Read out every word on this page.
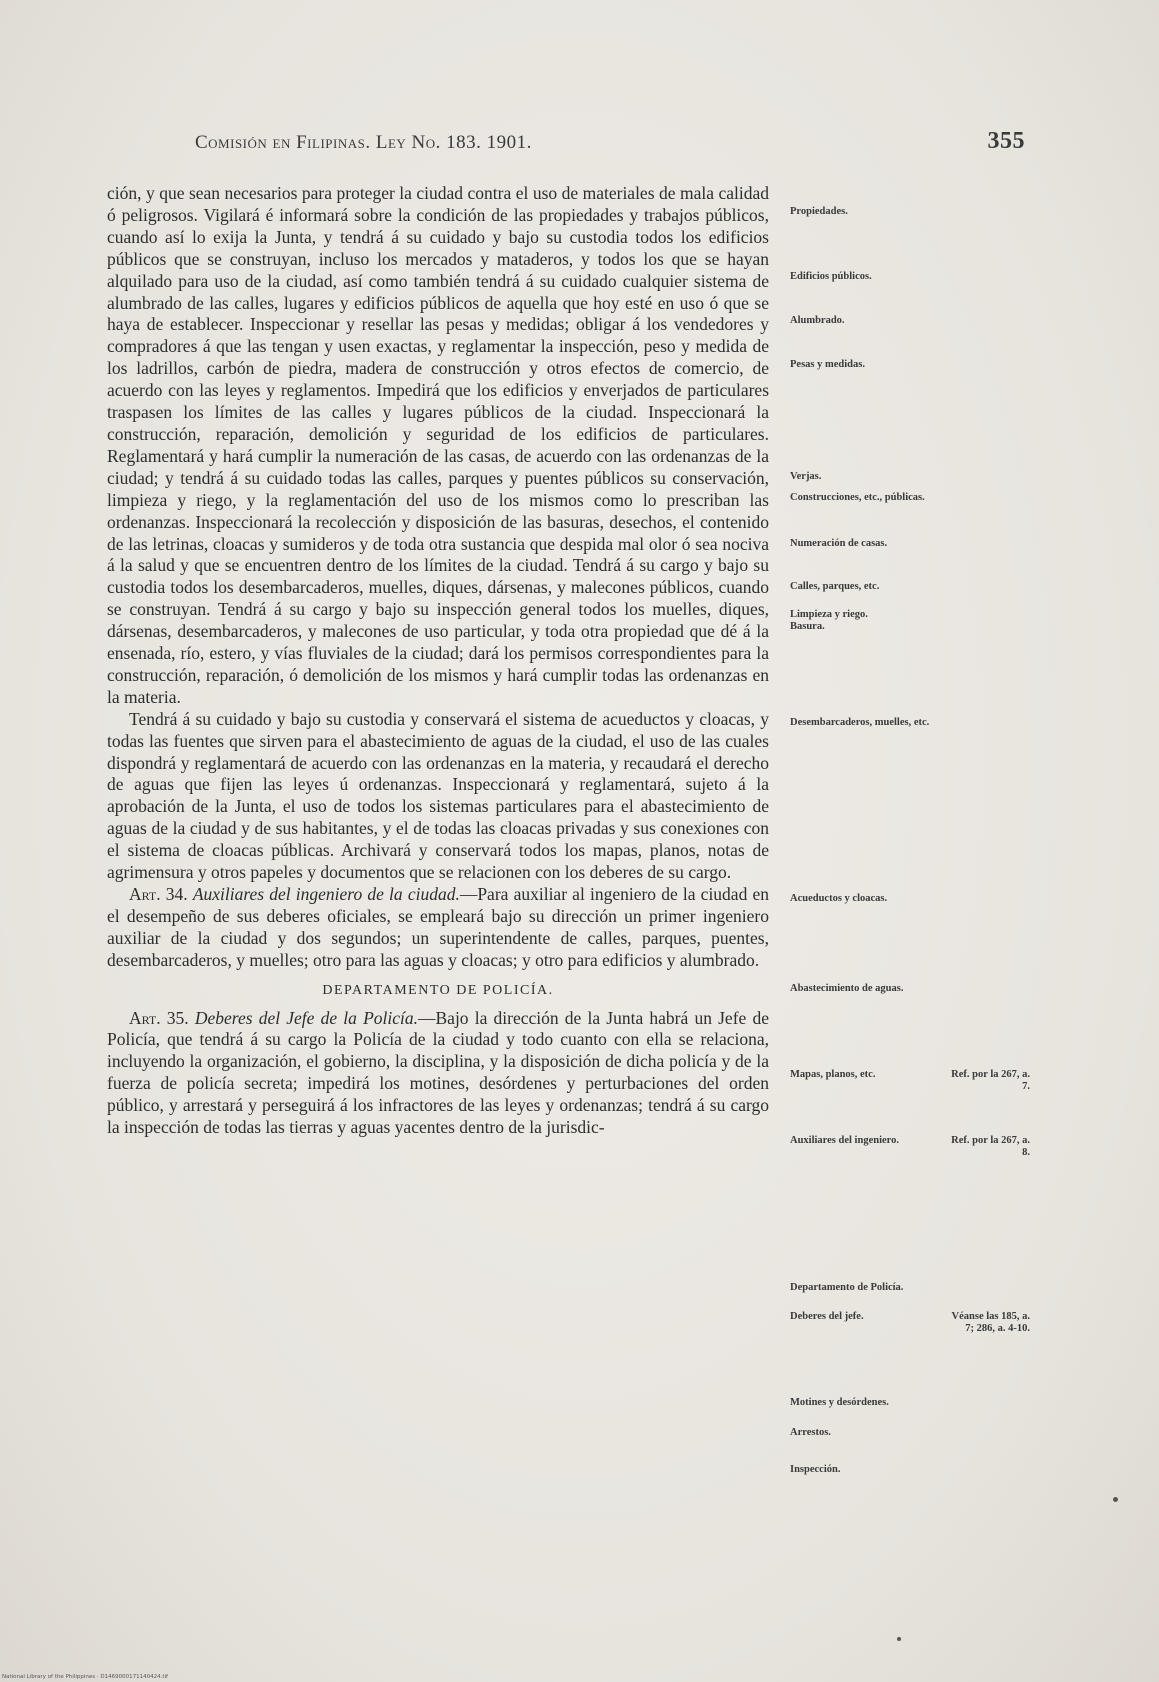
Comisión en Filipinas. Ley No. 183. 1901.	355

ción, y que sean necesarios para proteger la ciudad contra el uso de materiales de mala calidad ó peligrosos. Vigilará é informará sobre la condición de las propiedades y trabajos públicos, cuando así lo exija la Junta, y tendrá á su cuidado y bajo su custodia todos los edificios públicos que se construyan, incluso los mercados y mataderos, y todos los que se hayan alquilado para uso de la ciudad, así como también tendrá á su cuidado cualquier sistema de alumbrado de las calles, lugares y edificios públicos de aquella que hoy esté en uso ó que se haya de establecer. Inspeccionar y resellar las pesas y medidas; obligar á los vendedores y compradores á que las tengan y usen exactas, y reglamentar la inspección, peso y medida de los ladrillos, carbón de piedra, madera de construcción y otros efectos de comercio, de acuerdo con las leyes y reglamentos. Impedirá que los edificios y enverjados de particulares traspasen los límites de las calles y lugares públicos de la ciudad. Inspeccionará la construcción, reparación, demolición y seguridad de los edificios de particulares. Reglamentará y hará cumplir la numeración de las casas, de acuerdo con las ordenanzas de la ciudad; y tendrá á su cuidado todas las calles, parques y puentes públicos su conservación, limpieza y riego, y la reglamentación del uso de los mismos como lo prescriban las ordenanzas. Inspeccionará la recolección y disposición de las basuras, desechos, el contenido de las letrinas, cloacas y sumideros y de toda otra sustancia que despida mal olor ó sea nociva á la salud y que se encuentren dentro de los límites de la ciudad. Tendrá á su cargo y bajo su custodia todos los desembarcaderos, muelles, diques, dársenas, y malecones públicos, cuando se construyan. Tendrá á su cargo y bajo su inspección general todos los muelles, diques, dársenas, desembarcaderos, y malecones de uso particular, y toda otra propiedad que dé á la ensenada, río, estero, y vías fluviales de la ciudad; dará los permisos correspondientes para la construcción, reparación, ó demolición de los mismos y hará cumplir todas las ordenanzas en la materia.

Tendrá á su cuidado y bajo su custodia y conservará el sistema de acueductos y cloacas, y todas las fuentes que sirven para el abastecimiento de aguas de la ciudad, el uso de las cuales dispondrá y reglamentará de acuerdo con las ordenanzas en la materia, y recaudará el derecho de aguas que fijen las leyes ú ordenanzas. Inspeccionará y reglamentará, sujeto á la aprobación de la Junta, el uso de todos los sistemas particulares para el abastecimiento de aguas de la ciudad y de sus habitantes, y el de todas las cloacas privadas y sus conexiones con el sistema de cloacas públicas. Archivará y conservará todos los mapas, planos, notas de agrimensura y otros papeles y documentos que se relacionen con los deberes de su cargo.

Art. 34. Auxiliares del ingeniero de la ciudad.—Para auxiliar al ingeniero de la ciudad en el desempeño de sus deberes oficiales, se empleará bajo su dirección un primer ingeniero auxiliar de la ciudad y dos segundos; un superintendente de calles, parques, puentes, desembarcaderos, y muelles; otro para las aguas y cloacas; y otro para edificios y alumbrado.

DEPARTAMENTO DE POLICÍA.

Art. 35. Deberes del Jefe de la Policía.—Bajo la dirección de la Junta habrá un Jefe de Policía, que tendrá á su cargo la Policía de la ciudad y todo cuanto con ella se relaciona, incluyendo la organización, el gobierno, la disciplina, y la disposición de dicha policía y de la fuerza de policía secreta; impedirá los motines, desórdenes y perturbaciones del orden público, y arrestará y perseguirá á los infractores de las leyes y ordenanzas; tendrá á su cargo la inspección de todas las tierras y aguas yacentes dentro de la jurisdic-

Propiedades.
Edificios públicos.
Alumbrado.
Pesas y medidas.
Verjas.
Construcciones, etc., públicas.
Numeración de casas.
Calles, parques, etc.
Limpieza y riego.
Basura.
Desembarcaderos, muelles, etc.
Acueductos y cloacas.
Abastecimiento de aguas.
Mapas, planos, etc.
Auxiliares del ingeniero.
Departamento de Policía.
Deberes del jefe.
Motines y desórdenes.
Arrestos.
Inspección.
Ref. por la 267, a. 7.
Ref. por la 267, a. 8.
Véanse las 185, a. 7; 286, a. 4-10.
National Library of the Philippines · D1469000171140424.tif
